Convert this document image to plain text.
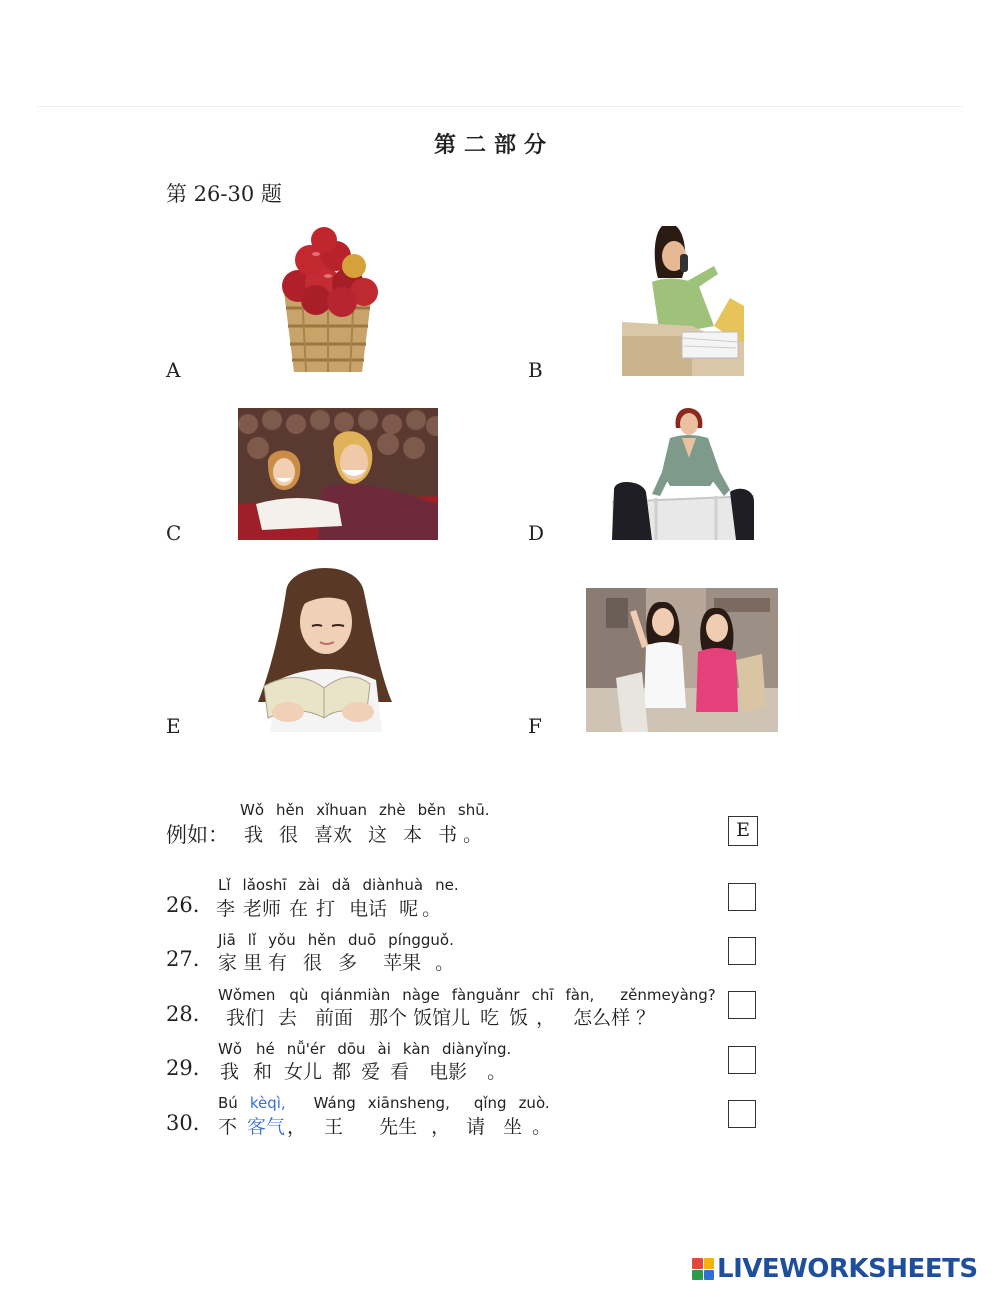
第二部分
第 26-30 题
A	B
C	D
E	F
Wǒ hěn xǐhuan zhè běn shū.
例如： 我 很 喜欢 这 本 书 。	E
Lǐ lǎoshī zài dǎ diànhuà ne.
26. 李 老师 在 打 电话 呢 。
Jiā lǐ yǒu hěn duō píngguǒ.
27. 家 里 有 很 多 苹果 。
Wǒmen qù qiánmiàn nàge fànguǎnr chī fàn, zěnmeyàng?
28. 我们 去 前面 那个 饭馆儿 吃 饭 ， 怎么样 ？
Wǒ hé nǚ'ér dōu ài kàn diànyǐng.
29. 我 和 女儿 都 爱 看 电影 。
Bú kèqì, Wáng xiānsheng, qǐng zuò.
30. 不 客气 ， 王 先生 ， 请 坐 。
LIVEWORKSHEETS
